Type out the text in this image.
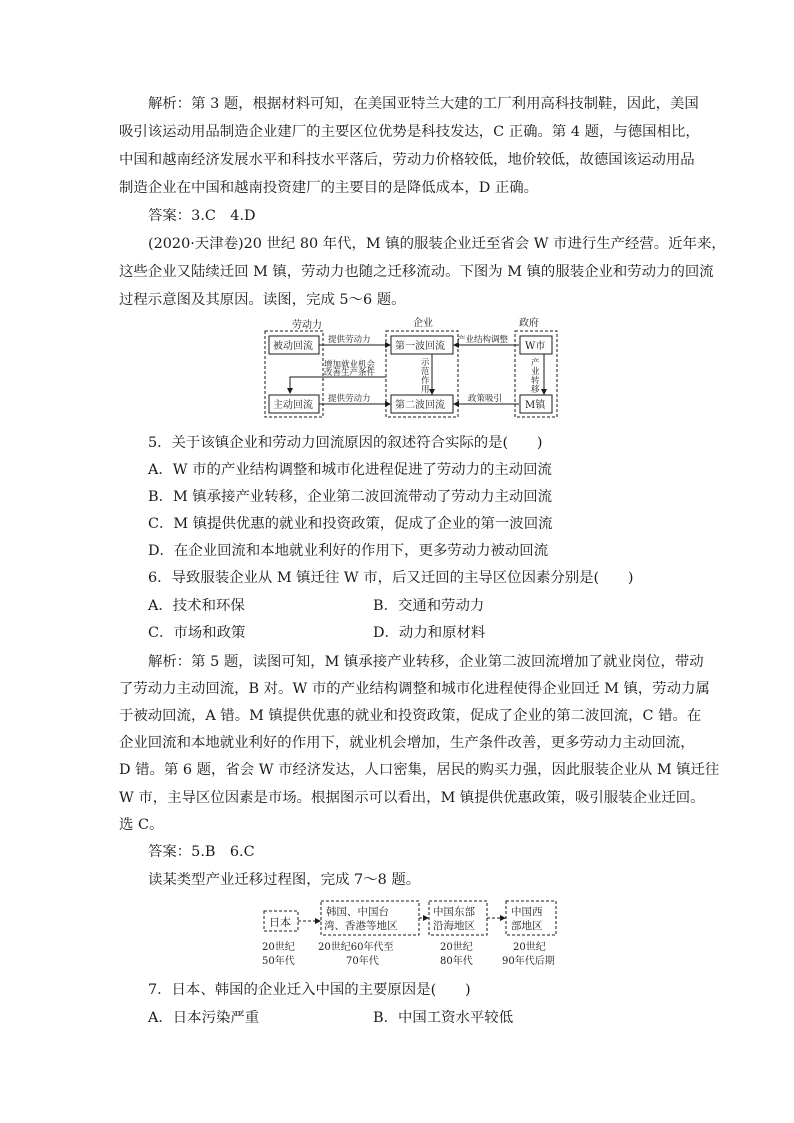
解析：第 3 题，根据材料可知，在美国亚特兰大建的工厂利用高科技制鞋，因此，美国
吸引该运动用品制造企业建厂的主要区位优势是科技发达，C 正确。第 4 题，与德国相比，
中国和越南经济发展水平和科技水平落后，劳动力价格较低，地价较低，故德国该运动用品
制造企业在中国和越南投资建厂的主要目的是降低成本，D 正确。
答案：3.C　4.D
(2020·天津卷)20 世纪 80 年代，M 镇的服装企业迁至省会 W 市进行生产经营。近年来，
这些企业又陆续迁回 M 镇，劳动力也随之迁移流动。下图为 M 镇的服装企业和劳动力的回流
过程示意图及其原因。读图，完成 5～6 题。
劳动力	企业	政府
被动回流
主动回流
第一波回流
第二波回流
W市
M镇
提供劳动力	产业结构调整
提供劳动力	政策吸引
增加就业机会
改善生产条件
示
范
作
用
产
业
转
移
5．关于该镇企业和劳动力回流原因的叙述符合实际的是(　　)
A．W 市的产业结构调整和城市化进程促进了劳动力的主动回流
B．M 镇承接产业转移，企业第二波回流带动了劳动力主动回流
C．M 镇提供优惠的就业和投资政策，促成了企业的第一波回流
D．在企业回流和本地就业利好的作用下，更多劳动力被动回流
6．导致服装企业从 M 镇迁往 W 市，后又迁回的主导区位因素分别是(　　)
A．技术和环保	B．交通和劳动力
C．市场和政策	D．动力和原材料
解析：第 5 题，读图可知，M 镇承接产业转移，企业第二波回流增加了就业岗位，带动
了劳动力主动回流，B 对。W 市的产业结构调整和城市化进程使得企业回迁 M 镇，劳动力属
于被动回流，A 错。M 镇提供优惠的就业和投资政策，促成了企业的第二波回流，C 错。在
企业回流和本地就业利好的作用下，就业机会增加，生产条件改善，更多劳动力主动回流，
D 错。第 6 题，省会 W 市经济发达，人口密集，居民的购买力强，因此服装企业从 M 镇迁往
W 市，主导区位因素是市场。根据图示可以看出，M 镇提供优惠政策，吸引服装企业迁回。
选 C。
答案：5.B　6.C
读某类型产业迁移过程图，完成 7～8 题。
日本
20世纪
50年代
韩国、中国台
湾、香港等地区
20世纪60年代至
70年代
中国东部
沿海地区
20世纪
80年代
中国西
部地区
20世纪
90年代后期
7．日本、韩国的企业迁入中国的主要原因是(　　)
A．日本污染严重	B．中国工资水平较低
